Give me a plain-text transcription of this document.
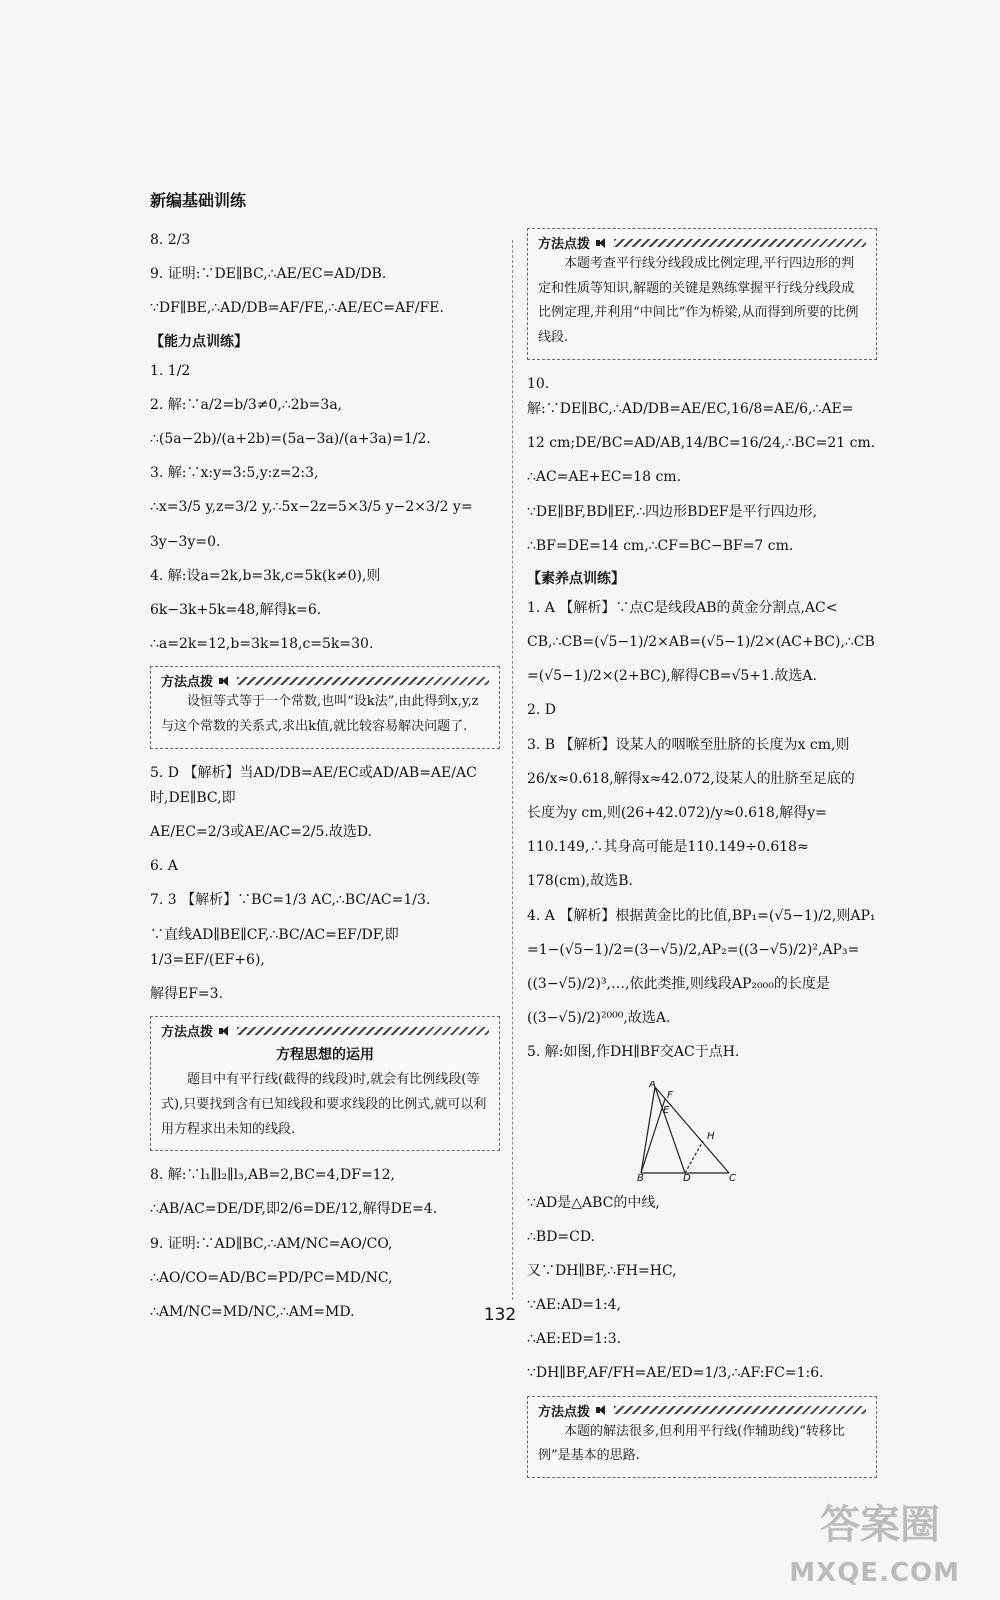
新编基础训练
8. 2/3
9. 证明:∵DE∥BC,∴AE/EC=AD/DB.
∵DF∥BE,∴AD/DB=AF/FE,∴AE/EC=AF/FE.
【能力点训练】
1. 1/2
2. 解:∵a/2=b/3≠0,∴2b=3a,
∴(5a−2b)/(a+2b)=(5a−3a)/(a+3a)=1/2.
3. 解:∵x:y=3:5,y:z=2:3,
∴x=3/5 y,z=3/2 y,∴5x−2z=5×3/5 y−2×3/2 y=
3y−3y=0.
4. 解:设a=2k,b=3k,c=5k(k≠0),则
6k−3k+5k=48,解得k=6.
∴a=2k=12,b=3k=18,c=5k=30.
方法点拨
设恒等式等于一个常数,也叫“设k法”,由此得到x,y,z与这个常数的关系式,求出k值,就比较容易解决问题了.
5. D 【解析】当AD/DB=AE/EC或AD/AB=AE/AC时,DE∥BC,即
AE/EC=2/3或AE/AC=2/5.故选D.
6. A
7. 3 【解析】∵BC=1/3 AC,∴BC/AC=1/3.
∵直线AD∥BE∥CF,∴BC/AC=EF/DF,即1/3=EF/(EF+6),
解得EF=3.
方法点拨
方程思想的运用
题目中有平行线(截得的线段)时,就会有比例线段(等式),只要找到含有已知线段和要求线段的比例式,就可以利用方程求出未知的线段.
8. 解:∵l₁∥l₂∥l₃,AB=2,BC=4,DF=12,
∴AB/AC=DE/DF,即2/6=DE/12,解得DE=4.
9. 证明:∵AD∥BC,∴AM/NC=AO/CO,
∴AO/CO=AD/BC=PD/PC=MD/NC,
∴AM/NC=MD/NC,∴AM=MD.
方法点拨
本题考查平行线分线段成比例定理,平行四边形的判定和性质等知识,解题的关键是熟练掌握平行线分线段成比例定理,并利用“中间比”作为桥梁,从而得到所要的比例线段.
10. 解:∵DE∥BC,∴AD/DB=AE/EC,16/8=AE/6,∴AE=
12 cm;DE/BC=AD/AB,14/BC=16/24,∴BC=21 cm.
∴AC=AE+EC=18 cm.
∵DE∥BF,BD∥EF,∴四边形BDEF是平行四边形,
∴BF=DE=14 cm,∴CF=BC−BF=7 cm.
【素养点训练】
1. A 【解析】∵点C是线段AB的黄金分割点,AC<
CB,∴CB=(√5−1)/2×AB=(√5−1)/2×(AC+BC),∴CB
=(√5−1)/2×(2+BC),解得CB=√5+1.故选A.
2. D
3. B 【解析】设某人的咽喉至肚脐的长度为x cm,则
26/x≈0.618,解得x≈42.072,设某人的肚脐至足底的
长度为y cm,则(26+42.072)/y≈0.618,解得y=
110.149,∴其身高可能是110.149÷0.618≈
178(cm),故选B.
4. A 【解析】根据黄金比的比值,BP₁=(√5−1)/2,则AP₁
=1−(√5−1)/2=(3−√5)/2,AP₂=((3−√5)/2)²,AP₃=
((3−√5)/2)³,…,依此类推,则线段AP₂₀₀₀的长度是
((3−√5)/2)²⁰⁰⁰,故选A.
5. 解:如图,作DH∥BF交AC于点H.
A
F
E
H
B	D	C
∵AD是△ABC的中线,
∴BD=CD.
又∵DH∥BF,∴FH=HC,
∵AE:AD=1:4,
∴AE:ED=1:3.
∵DH∥BF,AF/FH=AE/ED=1/3,∴AF:FC=1:6.
方法点拨
本题的解法很多,但利用平行线(作辅助线)“转移比例”是基本的思路.
132
答案圈
MXQE.COM
